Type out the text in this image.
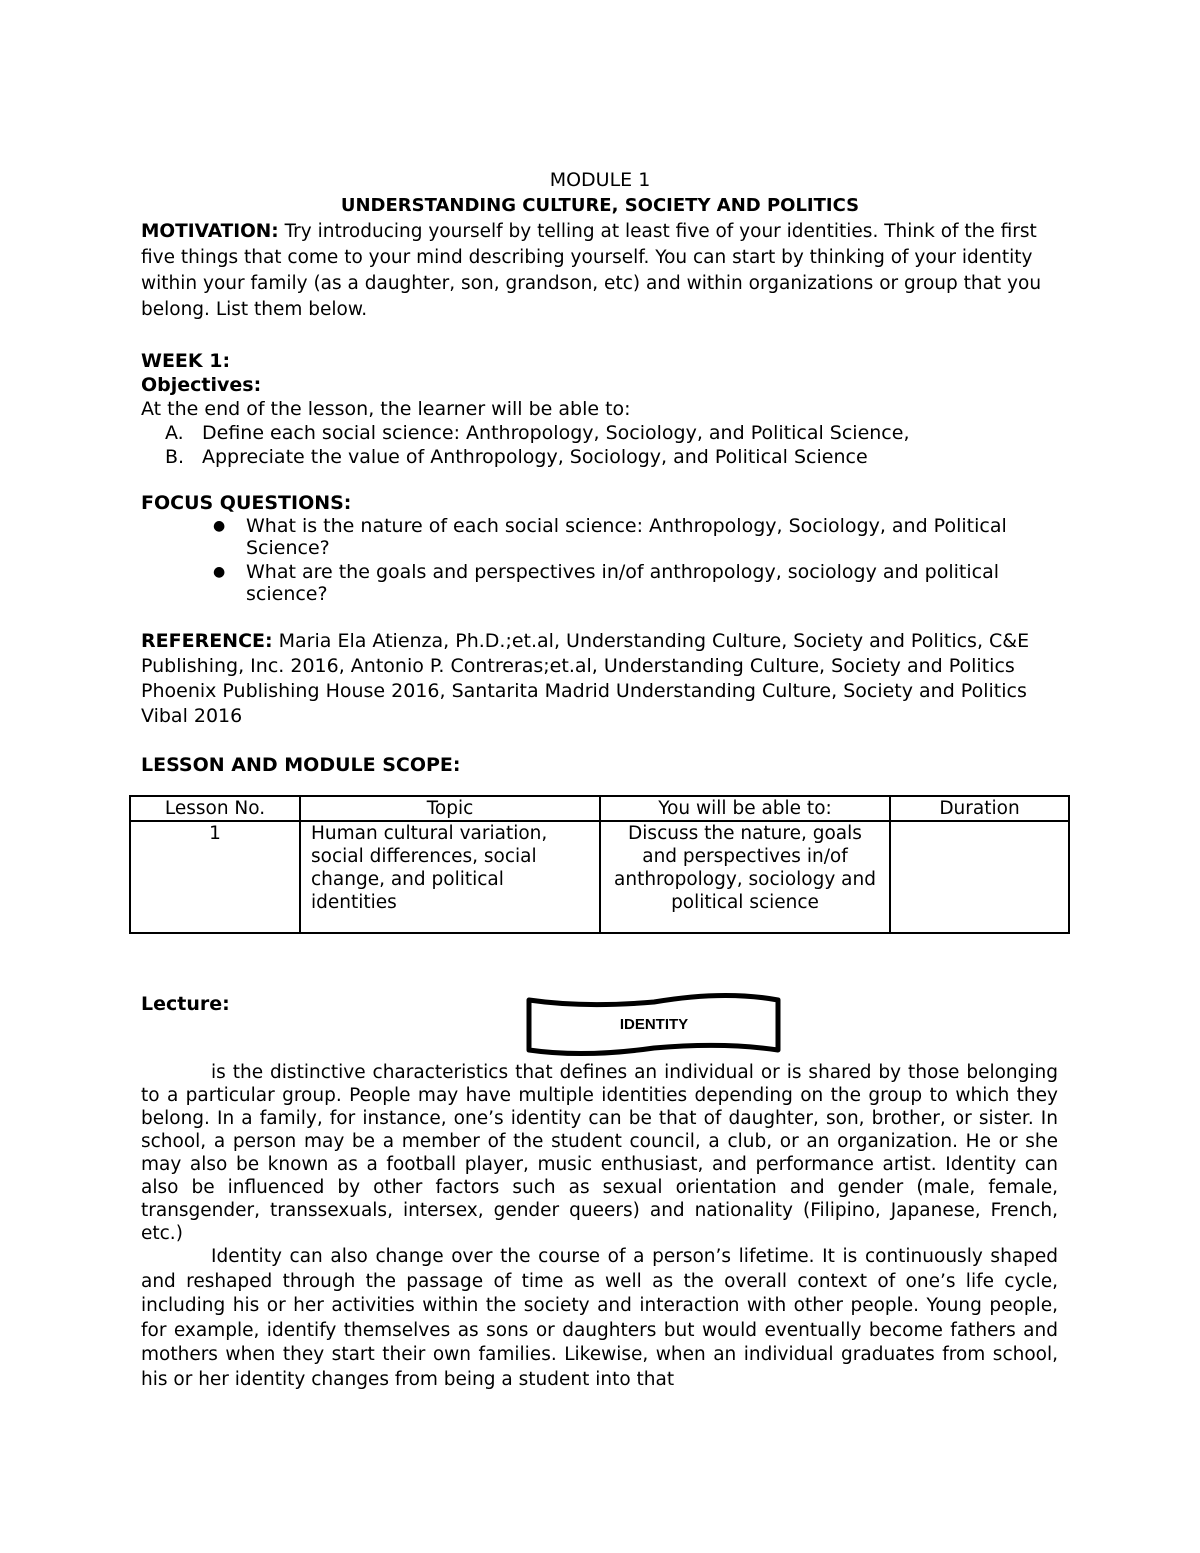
MODULE 1

UNDERSTANDING CULTURE, SOCIETY AND POLITICS

MOTIVATION: Try introducing yourself by telling at least five of your identities. Think of the first five things that come to your mind describing yourself. You can start by thinking of your identity within your family (as a daughter, son, grandson, etc) and within organizations or group that you belong. List them below.

WEEK 1:

Objectives:

At the end of the lesson, the learner will be able to:

A. Define each social science: Anthropology, Sociology, and Political Science,
B. Appreciate the value of Anthropology, Sociology, and Political Science

FOCUS QUESTIONS:

●	What is the nature of each social science: Anthropology, Sociology, and Political Science?
●	What are the goals and perspectives in/of anthropology, sociology and political science?

REFERENCE: Maria Ela Atienza, Ph.D.;et.al, Understanding Culture, Society and Politics, C&E Publishing, Inc. 2016, Antonio P. Contreras;et.al, Understanding Culture, Society and Politics Phoenix Publishing House 2016, Santarita Madrid Understanding Culture, Society and Politics Vibal 2016

LESSON AND MODULE SCOPE:

Lesson No.	Topic	You will be able to:	Duration
1	Human cultural variation, social differences, social change, and political identities	Discuss the nature, goals and perspectives in/of anthropology, sociology and political science	
Lecture:
IDENTITY

is the distinctive characteristics that defines an individual or is shared by those belonging to a particular group. People may have multiple identities depending on the group to which they belong. In a family, for instance, one’s identity can be that of daughter, son, brother, or sister. In school, a person may be a member of the student council, a club, or an organization. He or she may also be known as a football player, music enthusiast, and performance artist. Identity can also be influenced by other factors such as sexual orientation and gender (male, female, transgender, transsexuals, intersex, gender queers) and nationality (Filipino, Japanese, French, etc.)

Identity can also change over the course of a person’s lifetime. It is continuously shaped and reshaped through the passage of time as well as the overall context of one’s life cycle, including his or her activities within the society and interaction with other people. Young people, for example, identify themselves as sons or daughters but would eventually become fathers and mothers when they start their own families. Likewise, when an individual graduates from school, his or her identity changes from being a student into that
